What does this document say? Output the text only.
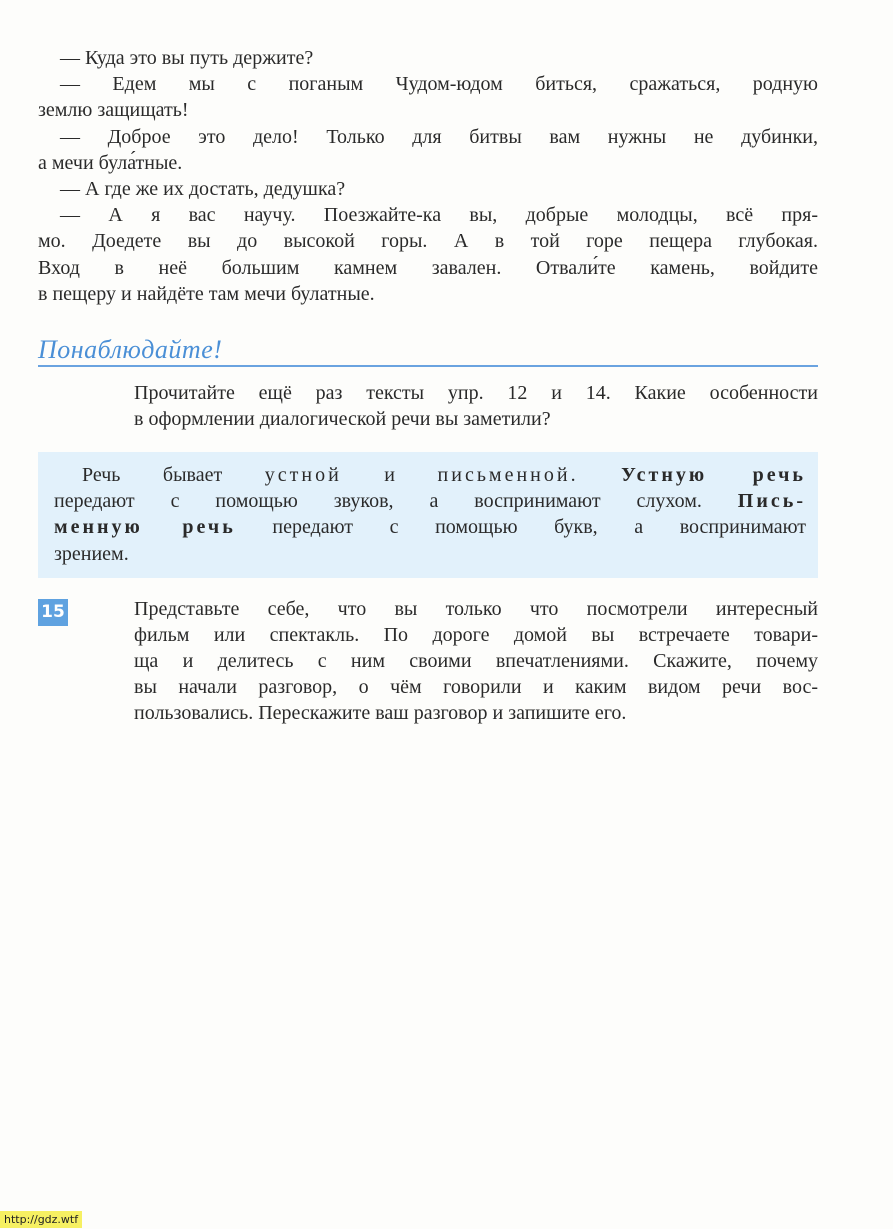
— Куда это вы путь держите?
— Едем мы с поганым Чудом-юдом биться, сражаться, родную
землю защищать!
— Доброе это дело! Только для битвы вам нужны не дубинки,
а мечи була́тные.
— А где же их достать, дедушка?
— А я вас научу. Поезжайте-ка вы, добрые молодцы, всё пря-
мо. Доедете вы до высокой горы. А в той горе пещера глубокая.
Вход в неё большим камнем завален. Отвали́те камень, войдите
в пещеру и найдёте там мечи булатные.
Понаблюдайте!
Прочитайте ещё раз тексты упр. 12 и 14. Какие особенности
в оформлении диалогической речи вы заметили?
Речь бывает устной и письменной. Устную речь
передают с помощью звуков, а воспринимают слухом. Пись-
менную речь передают с помощью букв, а воспринимают
зрением.
15	Представьте себе, что вы только что посмотрели интересный
фильм или спектакль. По дороге домой вы встречаете товари-
ща и делитесь с ним своими впечатлениями. Скажите, почему
вы начали разговор, о чём говорили и каким видом речи вос-
пользовались. Перескажите ваш разговор и запишите его.
http://gdz.wtf
